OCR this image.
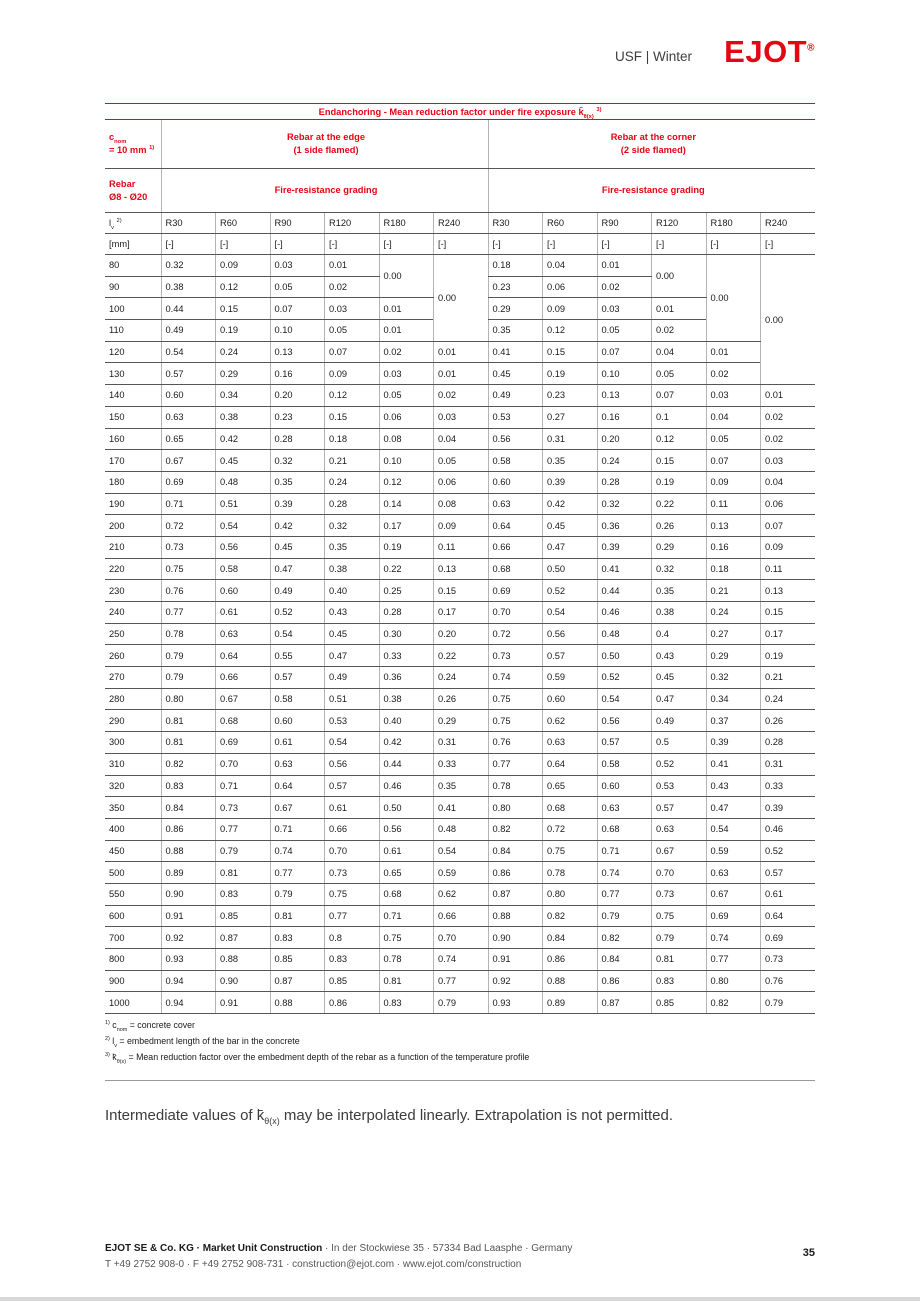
USF | Winter EJOT®
Endanchoring - Mean reduction factor under fire exposure $k̄_{\theta(x)}$ $^{3)}$
$c_{nom}$
= 10 mm $^{1)}$	Rebar at the edge
(1 side flamed)						Rebar at the corner
(2 side flamed)					
Rebar
Ø8 - Ø20	Fire-resistance grading						Fire-resistance grading					
$l_v$ $^{2)}$	R30	R60	R90	R120	R180	R240	R30	R60	R90	R120	R180	R240
[mm]	[-]	[-]	[-]	[-]	[-]	[-]	[-]	[-]	[-]	[-]	[-]	[-]
80	0.32	0.09	0.03	0.01	0.00	0.00	0.18	0.04	0.01	0.00	0.00	0.00
90	0.38	0.12	0.05	0.02			0.23	0.06	0.02			
100	0.44	0.15	0.07	0.03	0.01		0.29	0.09	0.03	0.01		
110	0.49	0.19	0.10	0.05	0.01		0.35	0.12	0.05	0.02		
120	0.54	0.24	0.13	0.07	0.02	0.01	0.41	0.15	0.07	0.04	0.01	
130	0.57	0.29	0.16	0.09	0.03	0.01	0.45	0.19	0.10	0.05	0.02	
140	0.60	0.34	0.20	0.12	0.05	0.02	0.49	0.23	0.13	0.07	0.03	0.01
150	0.63	0.38	0.23	0.15	0.06	0.03	0.53	0.27	0.16	0.1	0.04	0.02
160	0.65	0.42	0.28	0.18	0.08	0.04	0.56	0.31	0.20	0.12	0.05	0.02
170	0.67	0.45	0.32	0.21	0.10	0.05	0.58	0.35	0.24	0.15	0.07	0.03
180	0.69	0.48	0.35	0.24	0.12	0.06	0.60	0.39	0.28	0.19	0.09	0.04
190	0.71	0.51	0.39	0.28	0.14	0.08	0.63	0.42	0.32	0.22	0.11	0.06
200	0.72	0.54	0.42	0.32	0.17	0.09	0.64	0.45	0.36	0.26	0.13	0.07
210	0.73	0.56	0.45	0.35	0.19	0.11	0.66	0.47	0.39	0.29	0.16	0.09
220	0.75	0.58	0.47	0.38	0.22	0.13	0.68	0.50	0.41	0.32	0.18	0.11
230	0.76	0.60	0.49	0.40	0.25	0.15	0.69	0.52	0.44	0.35	0.21	0.13
240	0.77	0.61	0.52	0.43	0.28	0.17	0.70	0.54	0.46	0.38	0.24	0.15
250	0.78	0.63	0.54	0.45	0.30	0.20	0.72	0.56	0.48	0.4	0.27	0.17
260	0.79	0.64	0.55	0.47	0.33	0.22	0.73	0.57	0.50	0.43	0.29	0.19
270	0.79	0.66	0.57	0.49	0.36	0.24	0.74	0.59	0.52	0.45	0.32	0.21
280	0.80	0.67	0.58	0.51	0.38	0.26	0.75	0.60	0.54	0.47	0.34	0.24
290	0.81	0.68	0.60	0.53	0.40	0.29	0.75	0.62	0.56	0.49	0.37	0.26
300	0.81	0.69	0.61	0.54	0.42	0.31	0.76	0.63	0.57	0.5	0.39	0.28
310	0.82	0.70	0.63	0.56	0.44	0.33	0.77	0.64	0.58	0.52	0.41	0.31
320	0.83	0.71	0.64	0.57	0.46	0.35	0.78	0.65	0.60	0.53	0.43	0.33
350	0.84	0.73	0.67	0.61	0.50	0.41	0.80	0.68	0.63	0.57	0.47	0.39
400	0.86	0.77	0.71	0.66	0.56	0.48	0.82	0.72	0.68	0.63	0.54	0.46
450	0.88	0.79	0.74	0.70	0.61	0.54	0.84	0.75	0.71	0.67	0.59	0.52
500	0.89	0.81	0.77	0.73	0.65	0.59	0.86	0.78	0.74	0.70	0.63	0.57
550	0.90	0.83	0.79	0.75	0.68	0.62	0.87	0.80	0.77	0.73	0.67	0.61
600	0.91	0.85	0.81	0.77	0.71	0.66	0.88	0.82	0.79	0.75	0.69	0.64
700	0.92	0.87	0.83	0.8	0.75	0.70	0.90	0.84	0.82	0.79	0.74	0.69
800	0.93	0.88	0.85	0.83	0.78	0.74	0.91	0.86	0.84	0.81	0.77	0.73
900	0.94	0.90	0.87	0.85	0.81	0.77	0.92	0.88	0.86	0.83	0.80	0.76
1000	0.94	0.91	0.88	0.86	0.83	0.79	0.93	0.89	0.87	0.85	0.82	0.79

$^{1)}$ $c_{nom}$ = concrete cover

$^{2)}$ $l_v$ = embedment length of the bar in the concrete

$^{3)}$ $k̄_{\theta(x)}$ = Mean reduction factor over the embedment depth of the rebar as a function of the temperature profile

Intermediate values of $k̄_{\theta(x)}$ may be interpolated linearly. Extrapolation is not permitted.

EJOT SE & Co. KG · Market Unit Construction · In der Stockwiese 35 · 57334 Bad Laasphe · Germany
T +49 2752 908-0 · F +49 2752 908-731 · construction@ejot.com · www.ejot.com/construction
35
